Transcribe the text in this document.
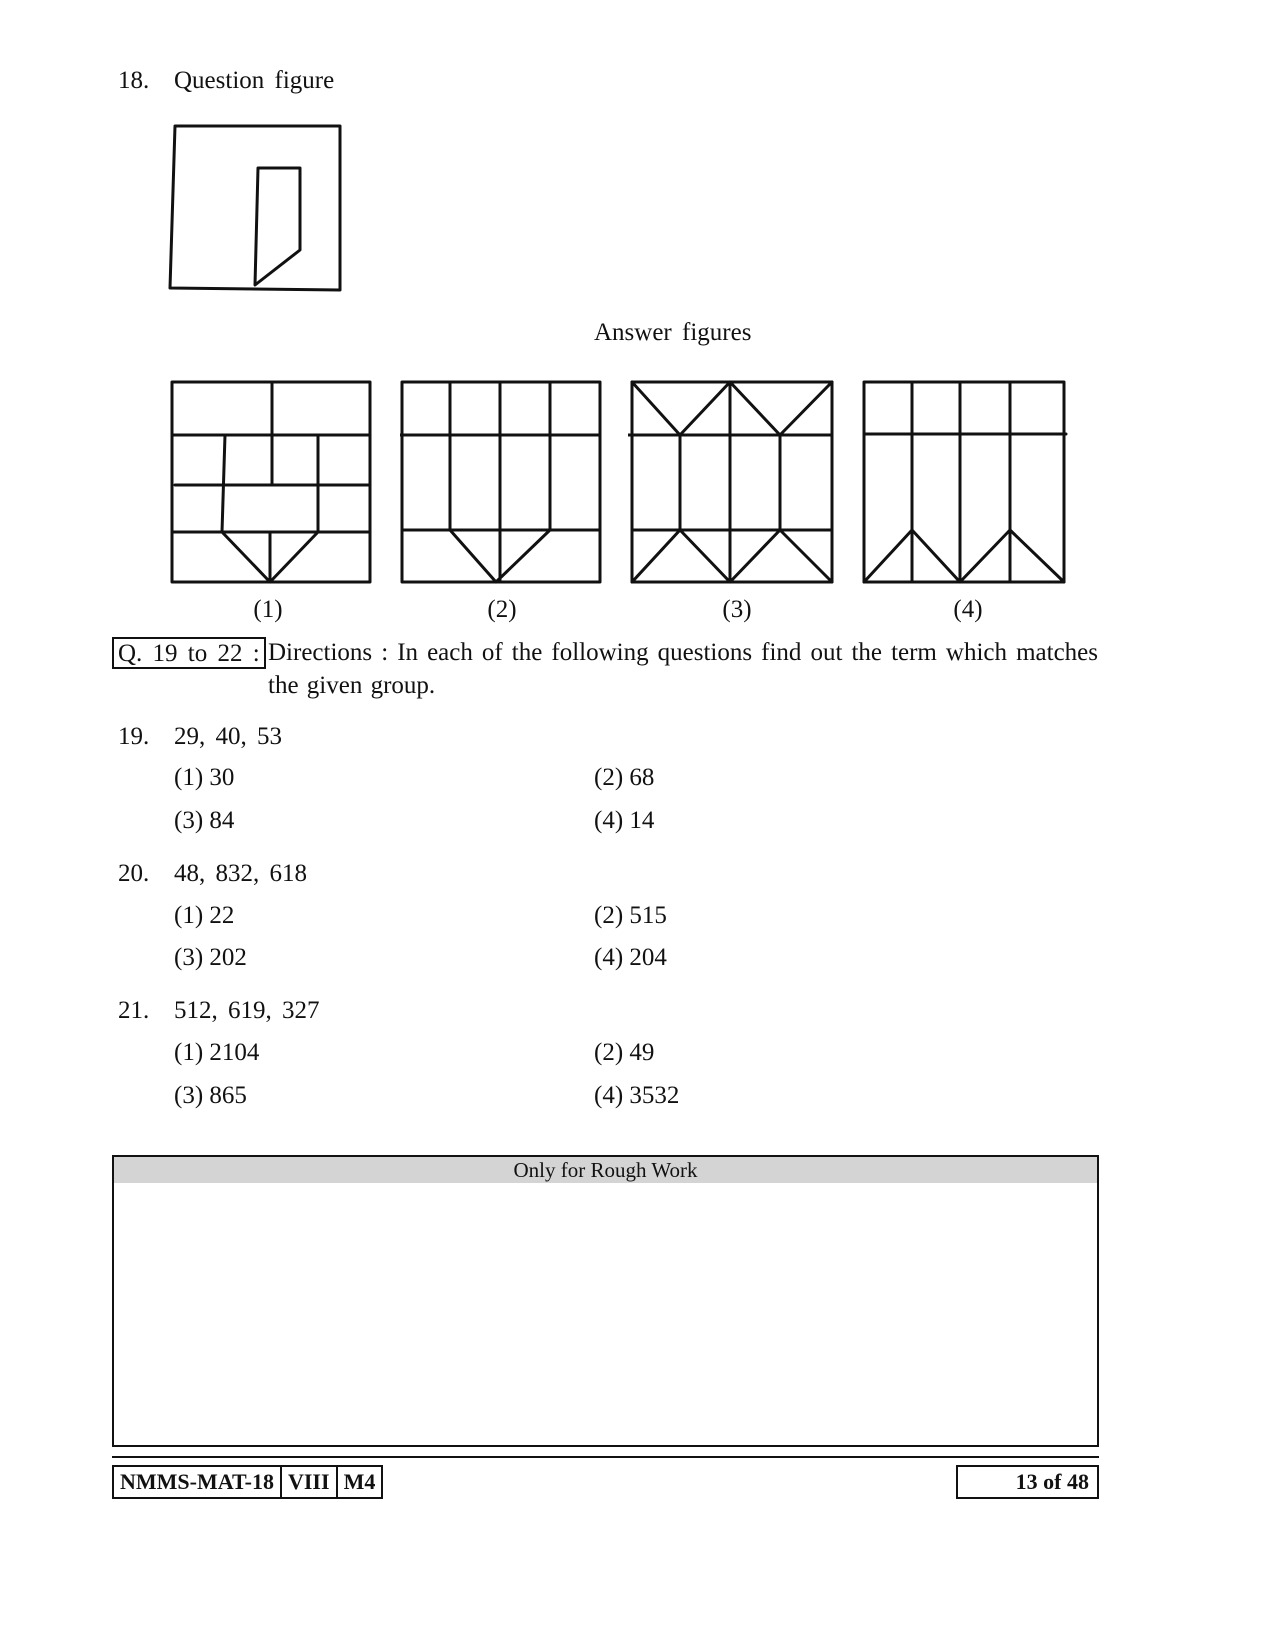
18. Question figure
Answer figures
(1)	(2)	(3)	(4)
Q. 19 to 22 : Directions : In each of the following questions find out the term which matches the given group.
19. 29, 40, 53
(1) 30	(2) 68
(3) 84	(4) 14
20. 48, 832, 618
(1) 22	(2) 515
(3) 202	(4) 204
21. 512, 619, 327
(1) 2104	(2) 49
(3) 865	(4) 3532
Only for Rough Work
NMMS-MAT-18 VIII M4	13 of 48
